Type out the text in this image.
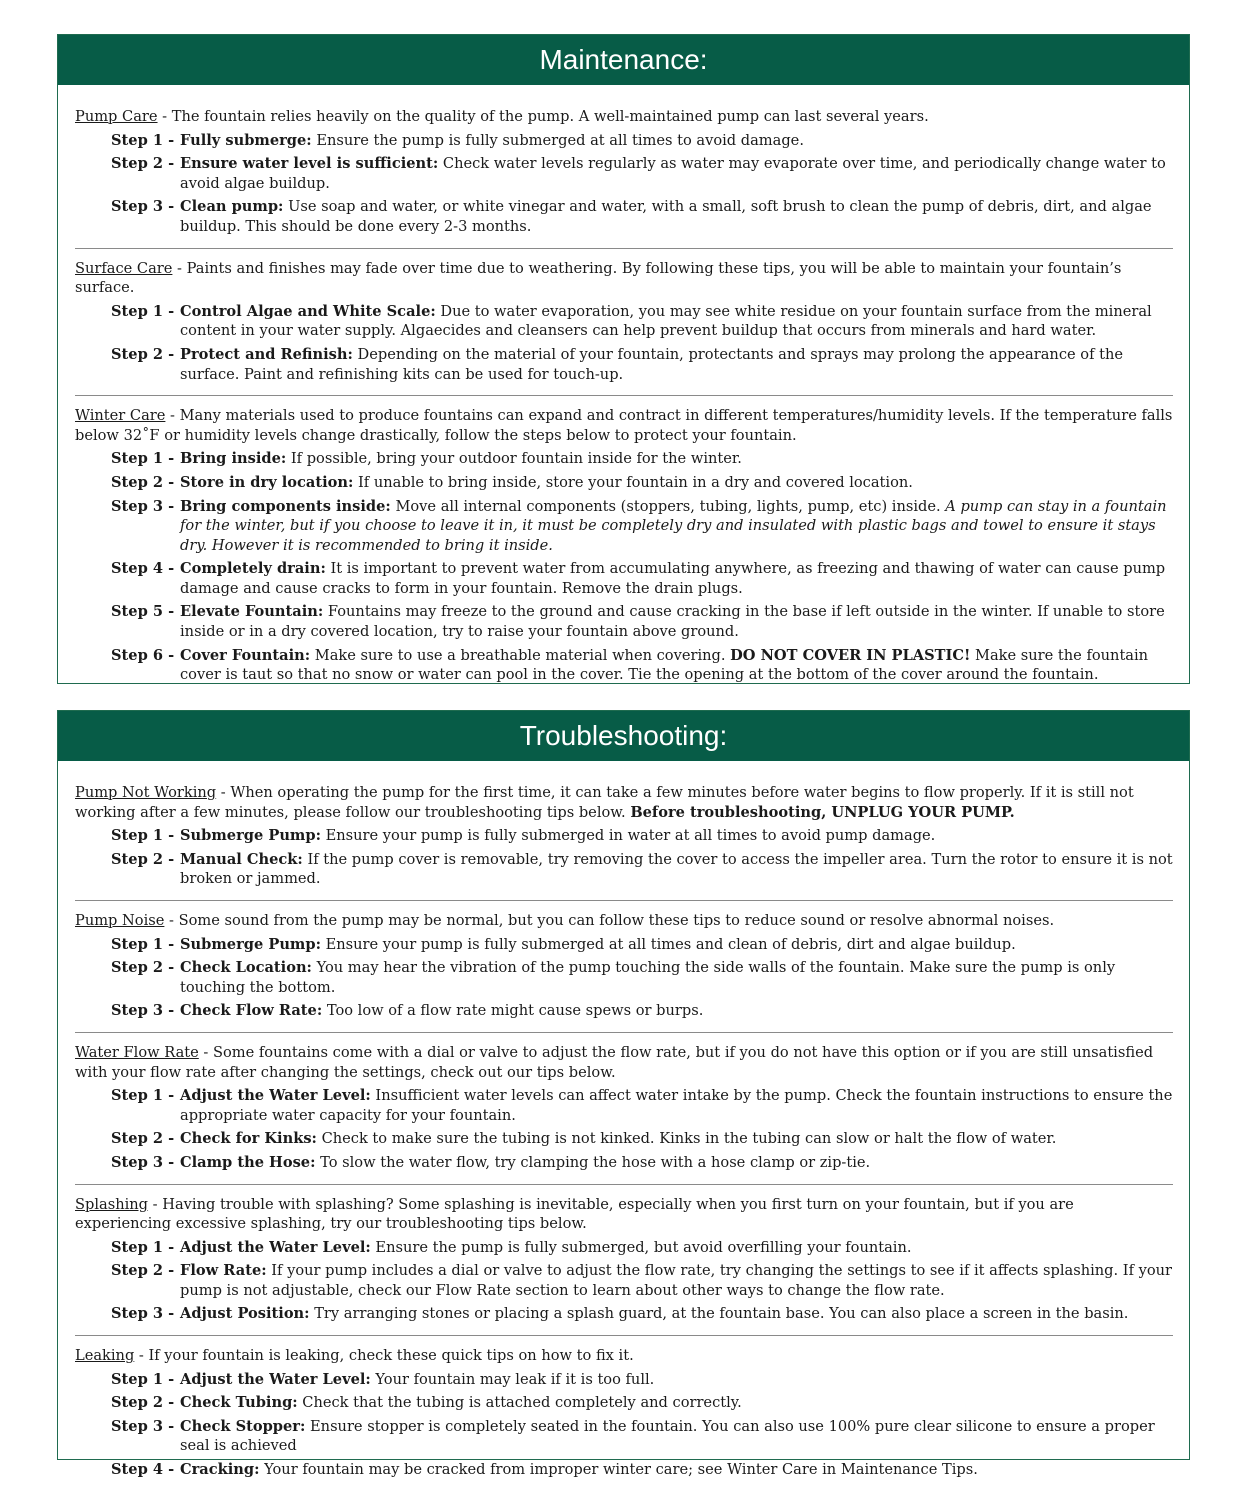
Maintenance:
Pump Care - The fountain relies heavily on the quality of the pump. A well-maintained pump can last several years.
Step 1 - Fully submerge: Ensure the pump is fully submerged at all times to avoid damage.
Step 2 - Ensure water level is sufficient: Check water levels regularly as water may evaporate over time, and periodically change water to avoid algae buildup.
Step 3 - Clean pump: Use soap and water, or white vinegar and water, with a small, soft brush to clean the pump of debris, dirt, and algae buildup. This should be done every 2-3 months.
Surface Care - Paints and finishes may fade over time due to weathering. By following these tips, you will be able to maintain your fountain’s surface.
Step 1 - Control Algae and White Scale: Due to water evaporation, you may see white residue on your fountain surface from the mineral content in your water supply. Algaecides and cleansers can help prevent buildup that occurs from minerals and hard water.
Step 2 - Protect and Refinish: Depending on the material of your fountain, protectants and sprays may prolong the appearance of the surface. Paint and refinishing kits can be used for touch-up.
Winter Care - Many materials used to produce fountains can expand and contract in different temperatures/humidity levels. If the temperature falls below 32˚F or humidity levels change drastically, follow the steps below to protect your fountain.
Step 1 - Bring inside: If possible, bring your outdoor fountain inside for the winter.
Step 2 - Store in dry location: If unable to bring inside, store your fountain in a dry and covered location.
Step 3 - Bring components inside: Move all internal components (stoppers, tubing, lights, pump, etc) inside. A pump can stay in a fountain for the winter, but if you choose to leave it in, it must be completely dry and insulated with plastic bags and towel to ensure it stays dry. However it is recommended to bring it inside.
Step 4 - Completely drain: It is important to prevent water from accumulating anywhere, as freezing and thawing of water can cause pump damage and cause cracks to form in your fountain. Remove the drain plugs.
Step 5 - Elevate Fountain: Fountains may freeze to the ground and cause cracking in the base if left outside in the winter. If unable to store inside or in a dry covered location, try to raise your fountain above ground.
Step 6 - Cover Fountain: Make sure to use a breathable material when covering. DO NOT COVER IN PLASTIC! Make sure the fountain cover is taut so that no snow or water can pool in the cover. Tie the opening at the bottom of the cover around the fountain.
Troubleshooting:
Pump Not Working - When operating the pump for the first time, it can take a few minutes before water begins to flow properly. If it is still not working after a few minutes, please follow our troubleshooting tips below. Before troubleshooting, UNPLUG YOUR PUMP.
Step 1 - Submerge Pump: Ensure your pump is fully submerged in water at all times to avoid pump damage.
Step 2 - Manual Check: If the pump cover is removable, try removing the cover to access the impeller area. Turn the rotor to ensure it is not broken or jammed.
Pump Noise - Some sound from the pump may be normal, but you can follow these tips to reduce sound or resolve abnormal noises.
Step 1 - Submerge Pump: Ensure your pump is fully submerged at all times and clean of debris, dirt and algae buildup.
Step 2 - Check Location: You may hear the vibration of the pump touching the side walls of the fountain. Make sure the pump is only touching the bottom.
Step 3 - Check Flow Rate: Too low of a flow rate might cause spews or burps.
Water Flow Rate - Some fountains come with a dial or valve to adjust the flow rate, but if you do not have this option or if you are still unsatisfied with your flow rate after changing the settings, check out our tips below.
Step 1 - Adjust the Water Level: Insufficient water levels can affect water intake by the pump. Check the fountain instructions to ensure the appropriate water capacity for your fountain.
Step 2 - Check for Kinks: Check to make sure the tubing is not kinked. Kinks in the tubing can slow or halt the flow of water.
Step 3 - Clamp the Hose: To slow the water flow, try clamping the hose with a hose clamp or zip-tie.
Splashing - Having trouble with splashing? Some splashing is inevitable, especially when you first turn on your fountain, but if you are experiencing excessive splashing, try our troubleshooting tips below.
Step 1 - Adjust the Water Level: Ensure the pump is fully submerged, but avoid overfilling your fountain.
Step 2 - Flow Rate: If your pump includes a dial or valve to adjust the flow rate, try changing the settings to see if it affects splashing. If your pump is not adjustable, check our Flow Rate section to learn about other ways to change the flow rate.
Step 3 - Adjust Position: Try arranging stones or placing a splash guard, at the fountain base. You can also place a screen in the basin.
Leaking - If your fountain is leaking, check these quick tips on how to fix it.
Step 1 - Adjust the Water Level: Your fountain may leak if it is too full.
Step 2 - Check Tubing: Check that the tubing is attached completely and correctly.
Step 3 - Check Stopper: Ensure stopper is completely seated in the fountain. You can also use 100% pure clear silicone to ensure a proper seal is achieved
Step 4 - Cracking: Your fountain may be cracked from improper winter care; see Winter Care in Maintenance Tips.
